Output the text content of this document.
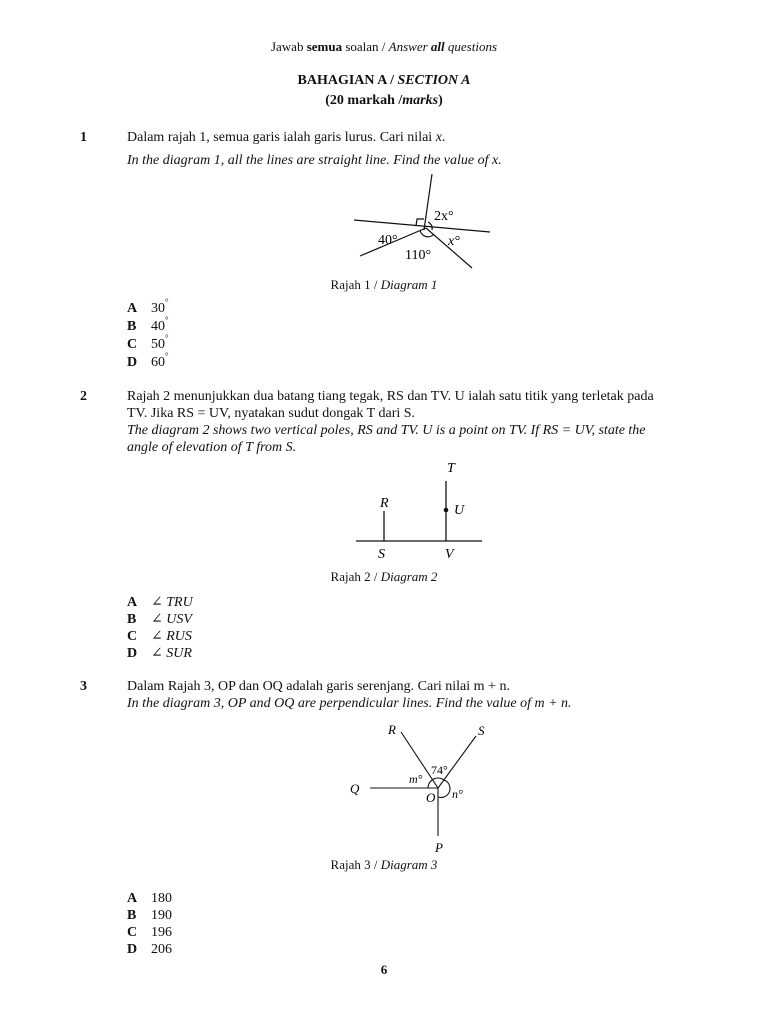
Jawab semua soalan / Answer all questions
BAHAGIAN A / SECTION A
(20 markah /marks)
1	Dalam rajah 1, semua garis ialah garis lurus. Cari nilai x.
In the diagram 1, all the lines are straight line. Find the value of x.
2x°
40°	x°
110°
Rajah 1 / Diagram 1
A 30°
B 40°
C 50°
D 60°
2	Rajah 2 menunjukkan dua batang tiang tegak, RS dan TV. U ialah satu titik yang terletak pada
TV. Jika RS = UV, nyatakan sudut dongak T dari S.
The diagram 2 shows two vertical poles, RS and TV. U is a point on TV. If RS = UV, state the
angle of elevation of T from S.
R
S
T
U
V
Rajah 2 / Diagram 2
A ∠ TRU
B ∠ USV
C ∠ RUS
D ∠ SUR
3	Dalam Rajah 3, OP dan OQ adalah garis serenjang. Cari nilai m + n.
In the diagram 3, OP and OQ are perpendicular lines. Find the value of m + n.
R	S
Q
O
P
74°
m°
n°
Rajah 3 / Diagram 3
A 180
B 190
C 196
D 206
6
